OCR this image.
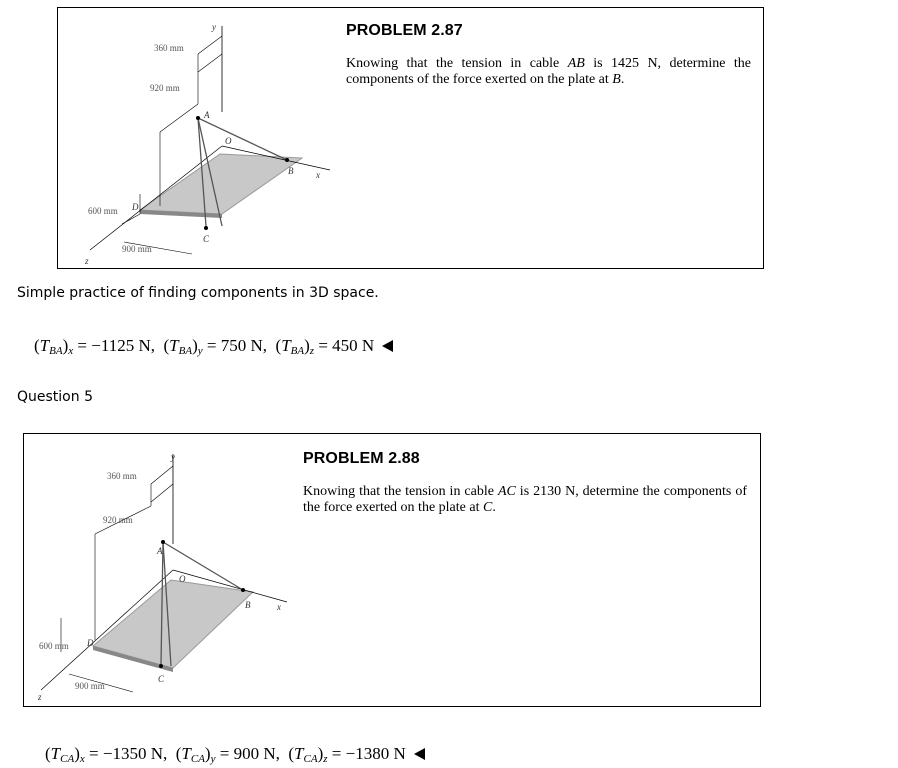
360 mm
920 mm
600 mm
900 mm
y
x
z
A
B
C
D
O

PROBLEM 2.87

Knowing that the tension in cable AB is 1425 N, determine the components of the force exerted on the plate at B.

Simple practice of finding components in 3D space.

$(T_{BA})_x = -1125$ N,  $(T_{BA})_y = 750$ N,  $(T_{BA})_z = 450$ N

Question 5

360 mm
920 mm
600 mm
900 mm
y
x
z
A
B
C
D
O

PROBLEM 2.88

Knowing that the tension in cable AC is 2130 N, determine the components of the force exerted on the plate at C.

$(T_{CA})_x = -1350$ N,  $(T_{CA})_y = 900$ N,  $(T_{CA})_z = -1380$ N
